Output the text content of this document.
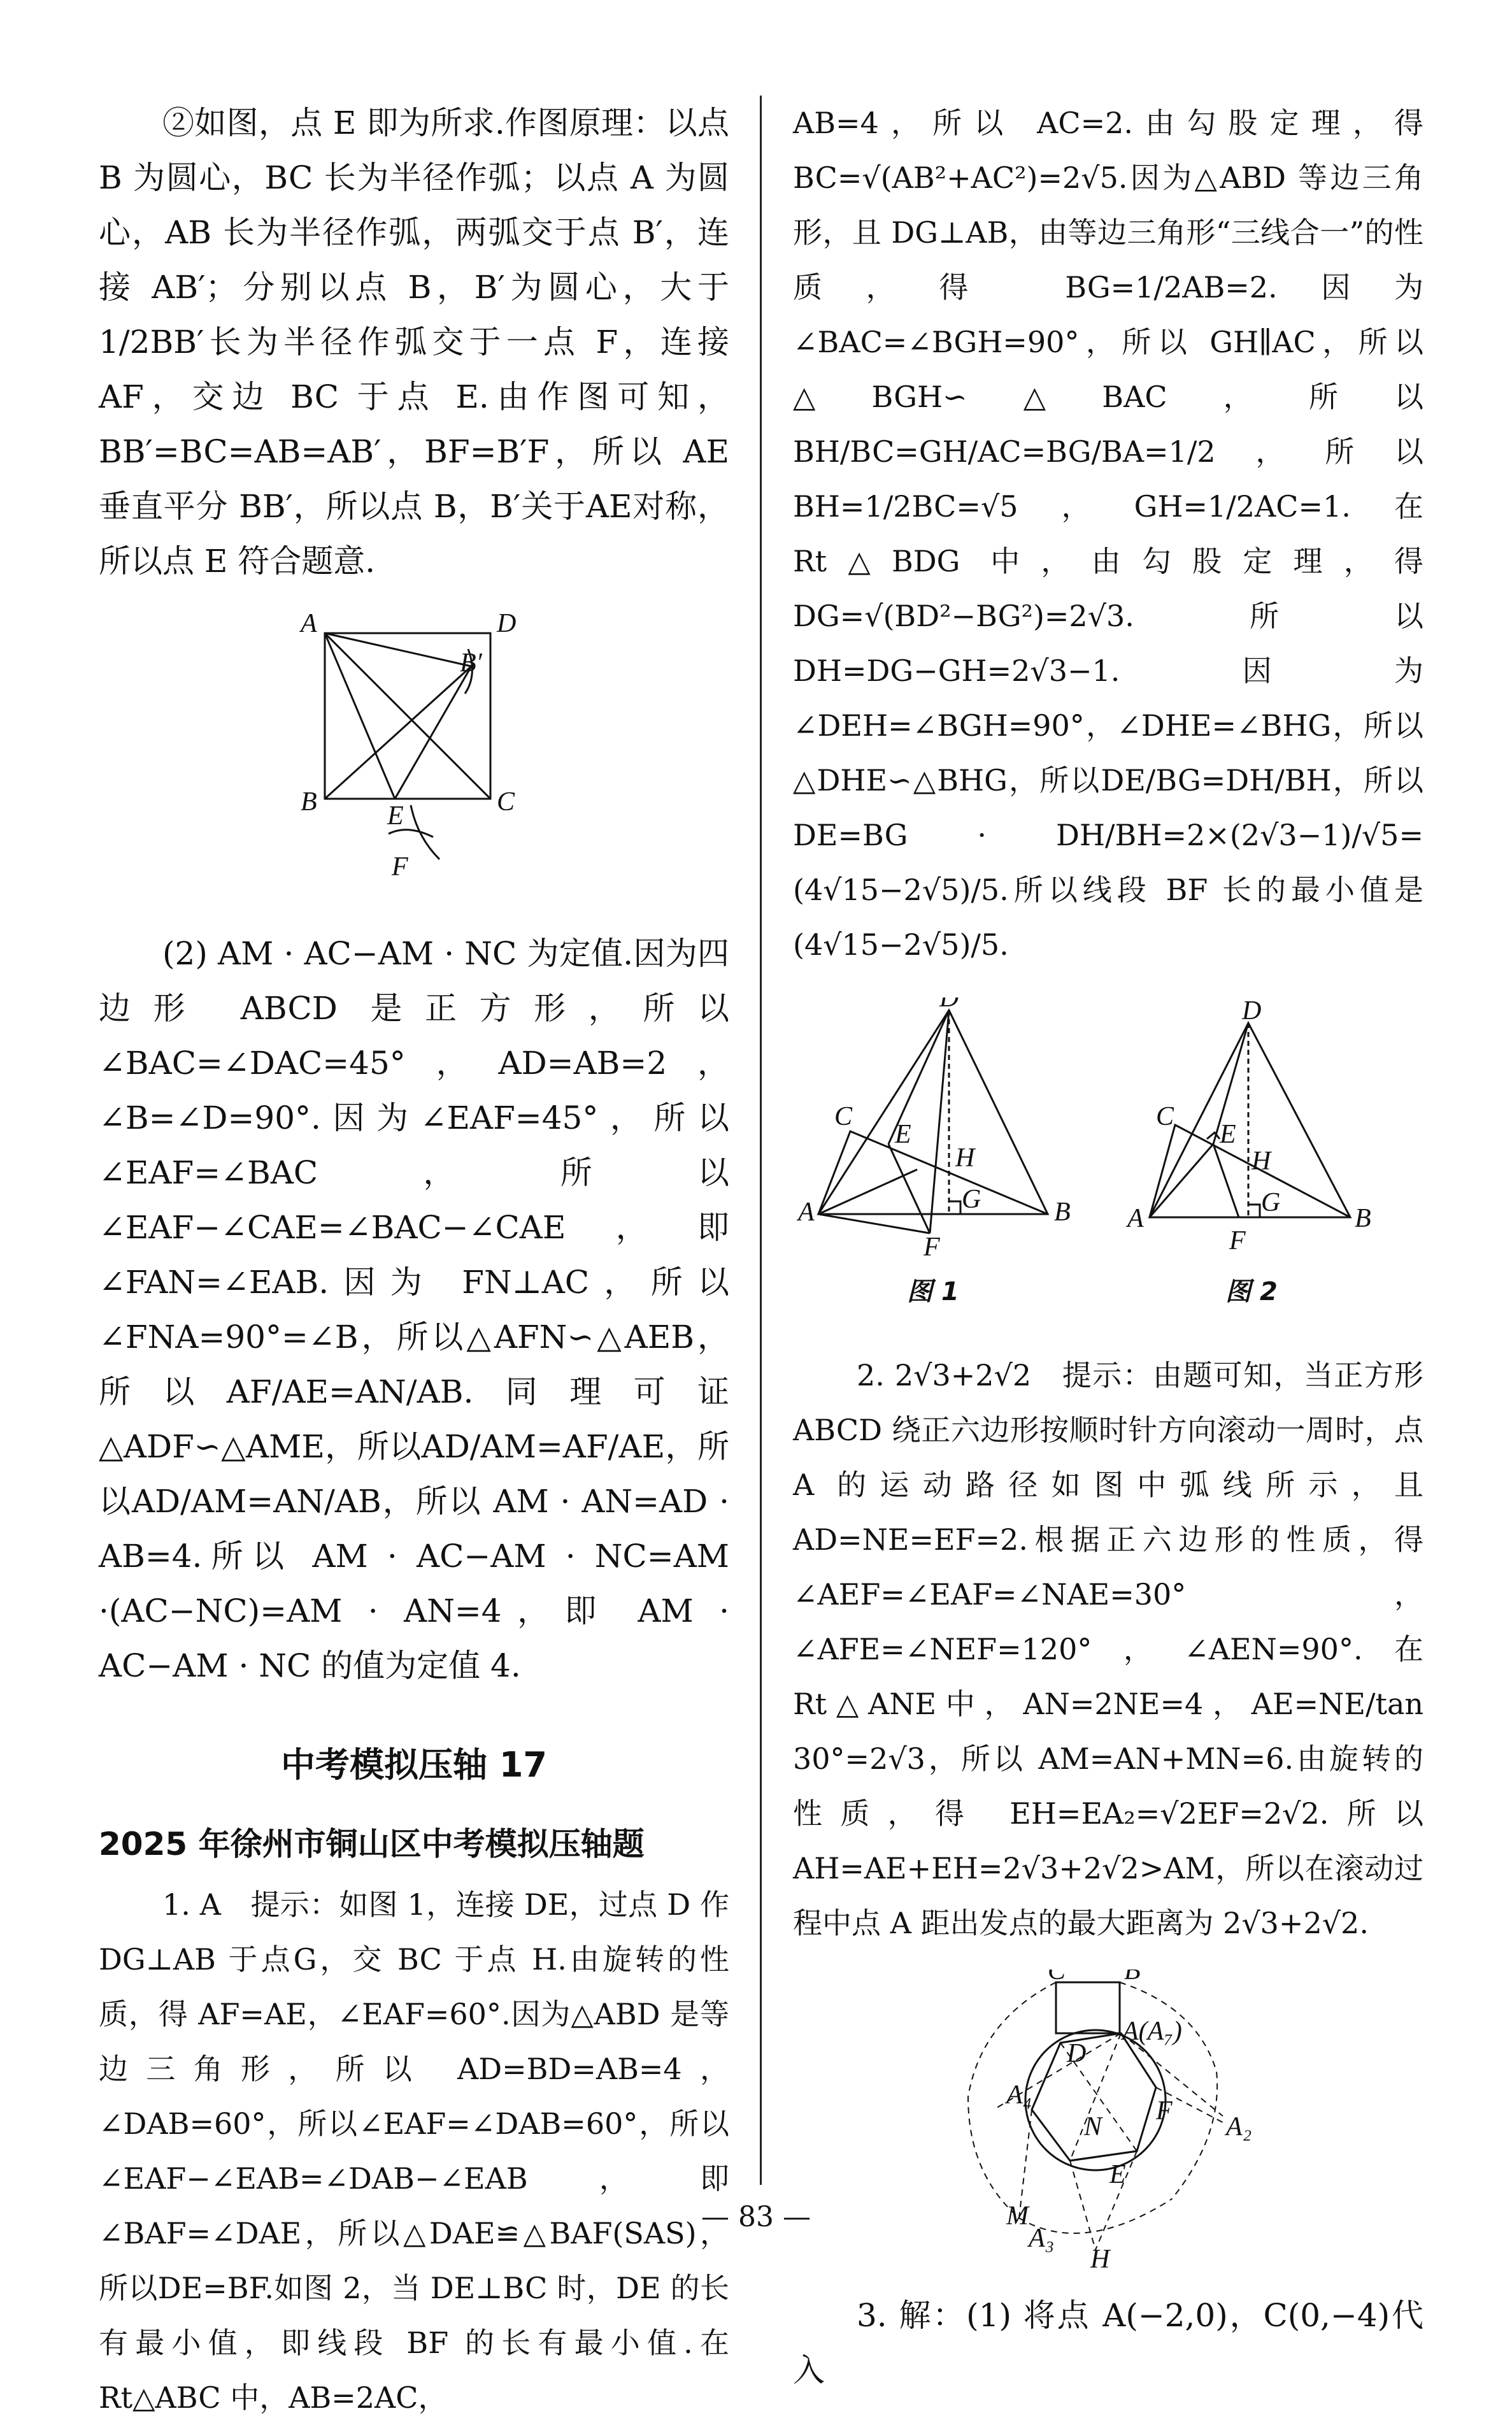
②如图，点 E 即为所求.作图原理：以点 B 为圆心，BC 长为半径作弧；以点 A 为圆心，AB 长为半径作弧，两弧交于点 B′，连接 AB′；分别以点 B，B′为圆心，大于1/2BB′长为半径作弧交于一点 F，连接 AF，交边 BC 于点 E.由作图可知，BB′=BC=AB=AB′，BF=B′F，所以 AE 垂直平分 BB′，所以点 B，B′关于AE对称，所以点 E 符合题意.

A	D
B	C
B′
E
F

(2) AM · AC−AM · NC 为定值.因为四边形 ABCD 是正方形，所以∠BAC=∠DAC=45°，AD=AB=2，∠B=∠D=90°.因为∠EAF=45°，所以∠EAF=∠BAC，所以∠EAF−∠CAE=∠BAC−∠CAE，即∠FAN=∠EAB.因为 FN⊥AC，所以∠FNA=90°=∠B，所以△AFN∽△AEB，所以AF/AE=AN/AB.同理可证△ADF∽△AME，所以AD/AM=AF/AE，所以AD/AM=AN/AB，所以 AM · AN=AD · AB=4.所以 AM · AC−AM · NC=AM ·(AC−NC)=AM · AN=4，即 AM · AC−AM · NC 的值为定值 4.

中考模拟压轴 17
2025 年徐州市铜山区中考模拟压轴题

1. A　提示：如图 1，连接 DE，过点 D 作 DG⊥AB 于点G，交 BC 于点 H.由旋转的性质，得 AF=AE，∠EAF=60°.因为△ABD 是等边三角形，所以 AD=BD=AB=4，∠DAB=60°，所以∠EAF=∠DAB=60°，所以∠EAF−∠EAB=∠DAB−∠EAB，即∠BAF=∠DAE，所以△DAE≌△BAF(SAS)，所以DE=BF.如图 2，当 DE⊥BC 时，DE 的长有最小值，即线段 BF 的长有最小值.在 Rt△ABC 中，AB=2AC，

AB=4，所以 AC=2.由勾股定理，得 BC=√(AB²+AC²)=2√5.因为△ABD 等边三角形，且 DG⊥AB，由等边三角形“三线合一”的性质，得 BG=1/2AB=2.因为∠BAC=∠BGH=90°，所以 GH∥AC，所以△BGH∽△BAC，所以 BH/BC=GH/AC=BG/BA=1/2，所以BH=1/2BC=√5，GH=1/2AC=1.在 Rt△BDG 中，由勾股定理，得 DG=√(BD²−BG²)=2√3.所以 DH=DG−GH=2√3−1.因为∠DEH=∠BGH=90°，∠DHE=∠BHG，所以△DHE∽△BHG，所以DE/BG=DH/BH，所以 DE=BG · DH/BH=2×(2√3−1)/√5=(4√15−2√5)/5.所以线段 BF 长的最小值是(4√15−2√5)/5.

D
C
E
H
G
A	B
F
图 1
D
C
E
H
G
A	B
F
图 2

2. 2√3+2√2　提示：由题可知，当正方形ABCD 绕正六边形按顺时针方向滚动一周时，点 A 的运动路径如图中弧线所示，且 AD=NE=EF=2.根据正六边形的性质，得∠AEF=∠EAF=∠NAE=30°，∠AFE=∠NEF=120°，∠AEN=90°.在 Rt△ANE中，AN=2NE=4，AE=NE/tan 30°=2√3，所以 AM=AN+MN=6.由旋转的性质，得 EH=EA₂=√2EF=2√2.所以 AH=AE+EH=2√3+2√2>AM，所以在滚动过程中点 A 距出发点的最大距离为 2√3+2√2.

C B
A(A₇)
D
A₄
N
F
A₂
E
M
A₃
H

3. 解：(1) 将点 A(−2,0)，C(0,−4)代入

— 83 —
